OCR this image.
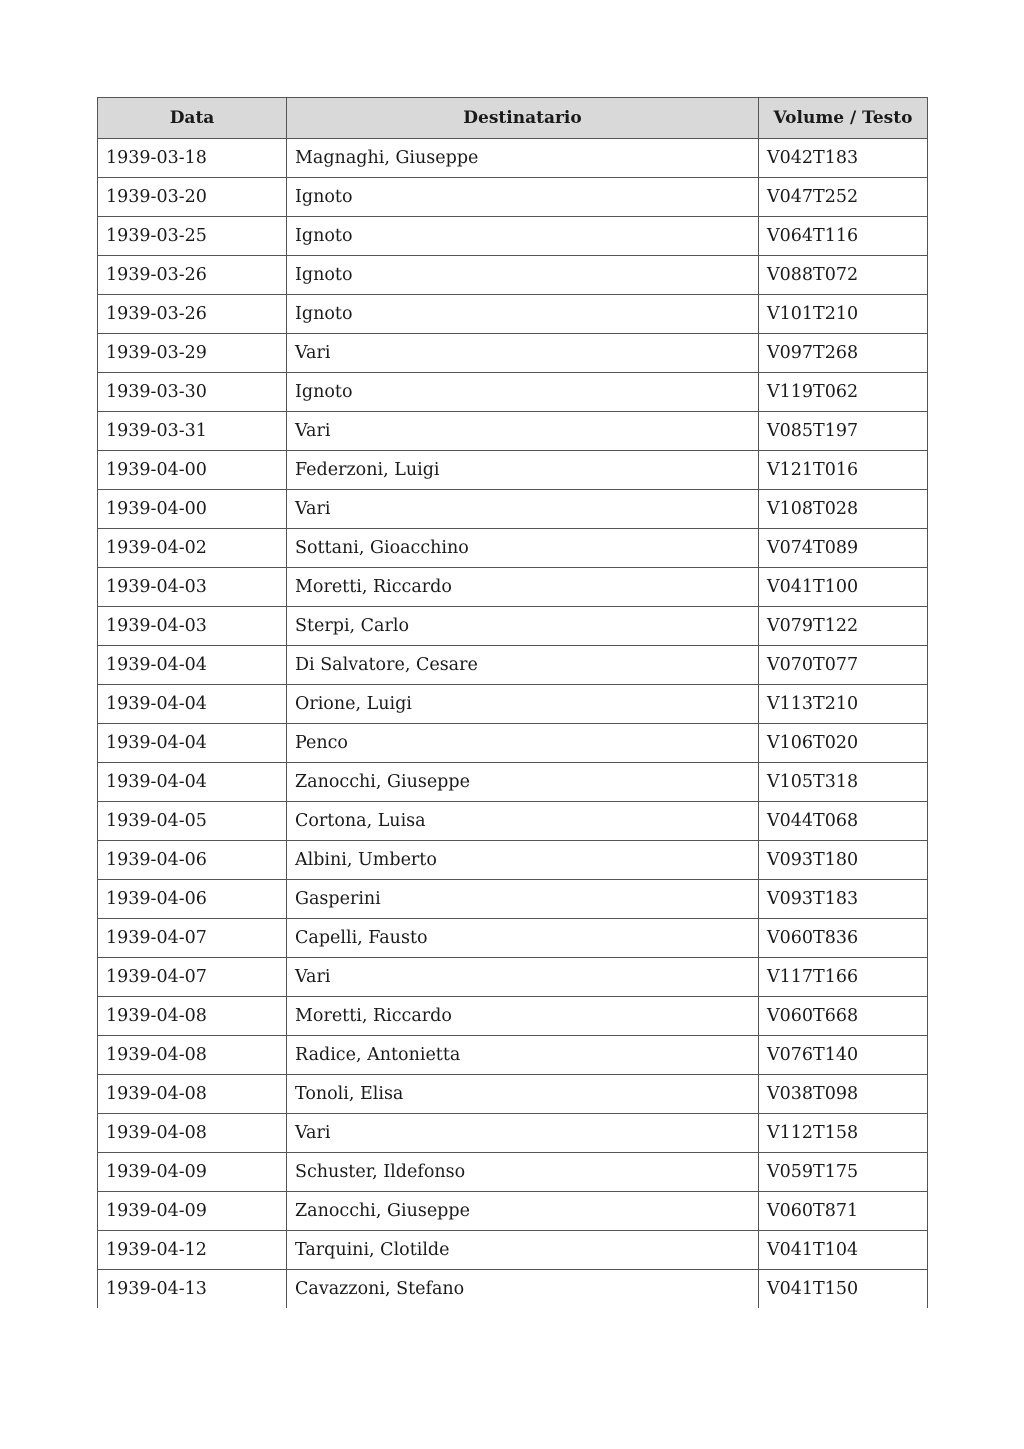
Data	Destinatario	Volume / Testo
1939-03-18	Magnaghi, Giuseppe	V042T183
1939-03-20	Ignoto	V047T252
1939-03-25	Ignoto	V064T116
1939-03-26	Ignoto	V088T072
1939-03-26	Ignoto	V101T210
1939-03-29	Vari	V097T268
1939-03-30	Ignoto	V119T062
1939-03-31	Vari	V085T197
1939-04-00	Federzoni, Luigi	V121T016
1939-04-00	Vari	V108T028
1939-04-02	Sottani, Gioacchino	V074T089
1939-04-03	Moretti, Riccardo	V041T100
1939-04-03	Sterpi, Carlo	V079T122
1939-04-04	Di Salvatore, Cesare	V070T077
1939-04-04	Orione, Luigi	V113T210
1939-04-04	Penco	V106T020
1939-04-04	Zanocchi, Giuseppe	V105T318
1939-04-05	Cortona, Luisa	V044T068
1939-04-06	Albini, Umberto	V093T180
1939-04-06	Gasperini	V093T183
1939-04-07	Capelli, Fausto	V060T836
1939-04-07	Vari	V117T166
1939-04-08	Moretti, Riccardo	V060T668
1939-04-08	Radice, Antonietta	V076T140
1939-04-08	Tonoli, Elisa	V038T098
1939-04-08	Vari	V112T158
1939-04-09	Schuster, Ildefonso	V059T175
1939-04-09	Zanocchi, Giuseppe	V060T871
1939-04-12	Tarquini, Clotilde	V041T104
1939-04-13	Cavazzoni, Stefano	V041T150
